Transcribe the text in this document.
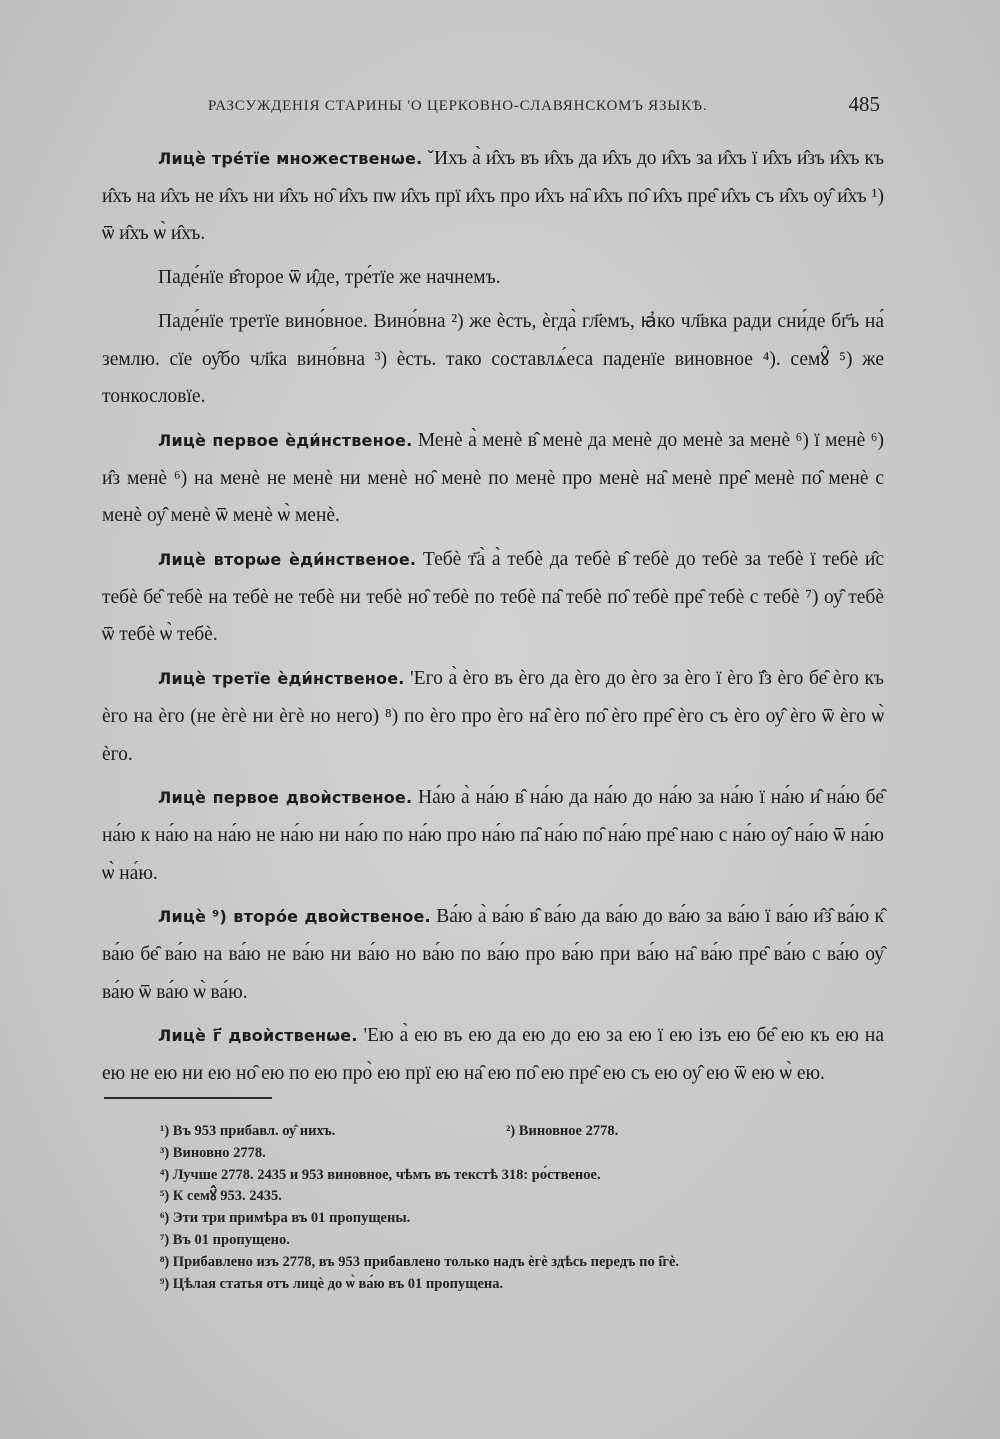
РАЗСУЖДЕНІЯ СТАРИНЫ 'О ЦЕРКОВНО-СЛАВЯНСКОМЪ ЯЗЫКѢ.	485

Лицѐ тре́тїе множественѡе. ˇИхъ а̀ и̂хъ въ и̂хъ да и̂хъ до и̂хъ за и̂хъ ї и̂хъ и̂зъ и̂хъ къ и̂хъ на и̂хъ не и̂хъ ни и̂хъ но̑ и̂хъ пѡ и̂хъ прї и̂хъ про и̂хъ на̑ и̂хъ по̑ и̂хъ пре̑ и̂хъ съ и̂хъ оу̂ и̂хъ ¹) ѿ и̂хъ ѡ̀ и̂хъ.

Паде́нїе в̂торое ѿ и̂де, тре́тїе же начнемъ.

Паде́нїе третїе вино́вное. Вино́вна ²) же ѐсть, ѐгда̀ гл҃емъ, ꙗ҆ко чл҃вка ради сни́де бг҃ъ на́ землю. сїе оу̂бо чл҃ка вино́вна ³) ѐсть. тако составлѧ́еса паденїе виновное ⁴). семꙋ̂ ⁵) же тонкословїе.

Лицѐ первое ѐди́нственое. Менѐ а̀ менѐ в̂ менѐ да менѐ до менѐ за менѐ ⁶) ї менѐ ⁶) и̂з менѐ ⁶) на менѐ не менѐ ни менѐ но̑ менѐ по менѐ про менѐ на̑ менѐ пре̑ менѐ по̑ менѐ с менѐ оу̂ менѐ ѿ менѐ ѡ̀ менѐ.

Лицѐ вторѡе ѐди́нственое. Тебѐ т҃а̀ а̀ тебѐ да тебѐ в̂ тебѐ до тебѐ за тебѐ ї тебѐ и̂с тебѐ бе̑ тебѐ на тебѐ не тебѐ ни тебѐ но̑ тебѐ по тебѐ па̑ тебѐ по̑ тебѐ пре̑ тебѐ с тебѐ ⁷) оу̂ тебѐ ѿ тебѐ ѡ̀ тебѐ.

Лицѐ третїе ѐди́нственое. 'Его а̀ ѐго въ ѐго да ѐго до ѐго за ѐго ї ѐго ї̂з ѐго бе̑ ѐго къ ѐго на ѐго (не ѐгѐ ни ѐгѐ но него) ⁸) по ѐго про ѐго на̑ ѐго по̑ ѐго пре̑ ѐго съ ѐго оу̂ ѐго ѿ ѐго ѡ̀ ѐго.

Лицѐ первое двоѝственое. На́ю а̀ на́ю в̂ на́ю да на́ю до на́ю за на́ю ї на́ю и̂ на́ю бе̑ на́ю к на́ю на на́ю не на́ю ни на́ю по на́ю про на́ю па̑ на́ю по̑ на́ю пре̑ наю с на́ю оу̂ на́ю ѿ на́ю ѡ̀ на́ю.

Лицѐ ⁹) второ́е двоѝственое. Ва́ю а̀ ва́ю в̂ ва́ю да ва́ю до ва́ю за ва́ю ї ва́ю и̂з̂ ва́ю к̂ ва́ю бе̑ ва́ю на ва́ю не ва́ю ни ва́ю но ва́ю по ва́ю про ва́ю при ва́ю на̑ ва́ю пре̑ ва́ю с ва́ю оу̂ ва́ю ѿ ва́ю ѡ̀ ва́ю.

Лицѐ г҃ двоѝственѡе. 'Ею а̀ ею въ ею да ею до ею за ею ї ею ізъ ею бе̑ ею къ ею на ею не ею ни ею но̑ ею по ею про̀ ею прї ею на̑ ею по̑ ею пре̑ ею съ ею оу̂ ею ѿ ею ѡ̀ ею.

¹) Въ 953 прибавл. оу̂ нихъ.	²) Виновное 2778.
³) Виновно 2778.
⁴) Лучше 2778. 2435 и 953 виновное, чѣмъ въ текстѣ 318: ро́ственое.
⁵) К семꙋ̂ 953. 2435.
⁶) Эти три примѣра въ 01 пропущены.
⁷) Въ 01 пропущено.
⁸) Прибавлено изъ 2778, въ 953 прибавлено только надъ ѐгѐ здѣсь передъ по і̂гѐ.
⁹) Цѣлая статья отъ лицѐ до ѡ̀ ва́ю въ 01 пропущена.
